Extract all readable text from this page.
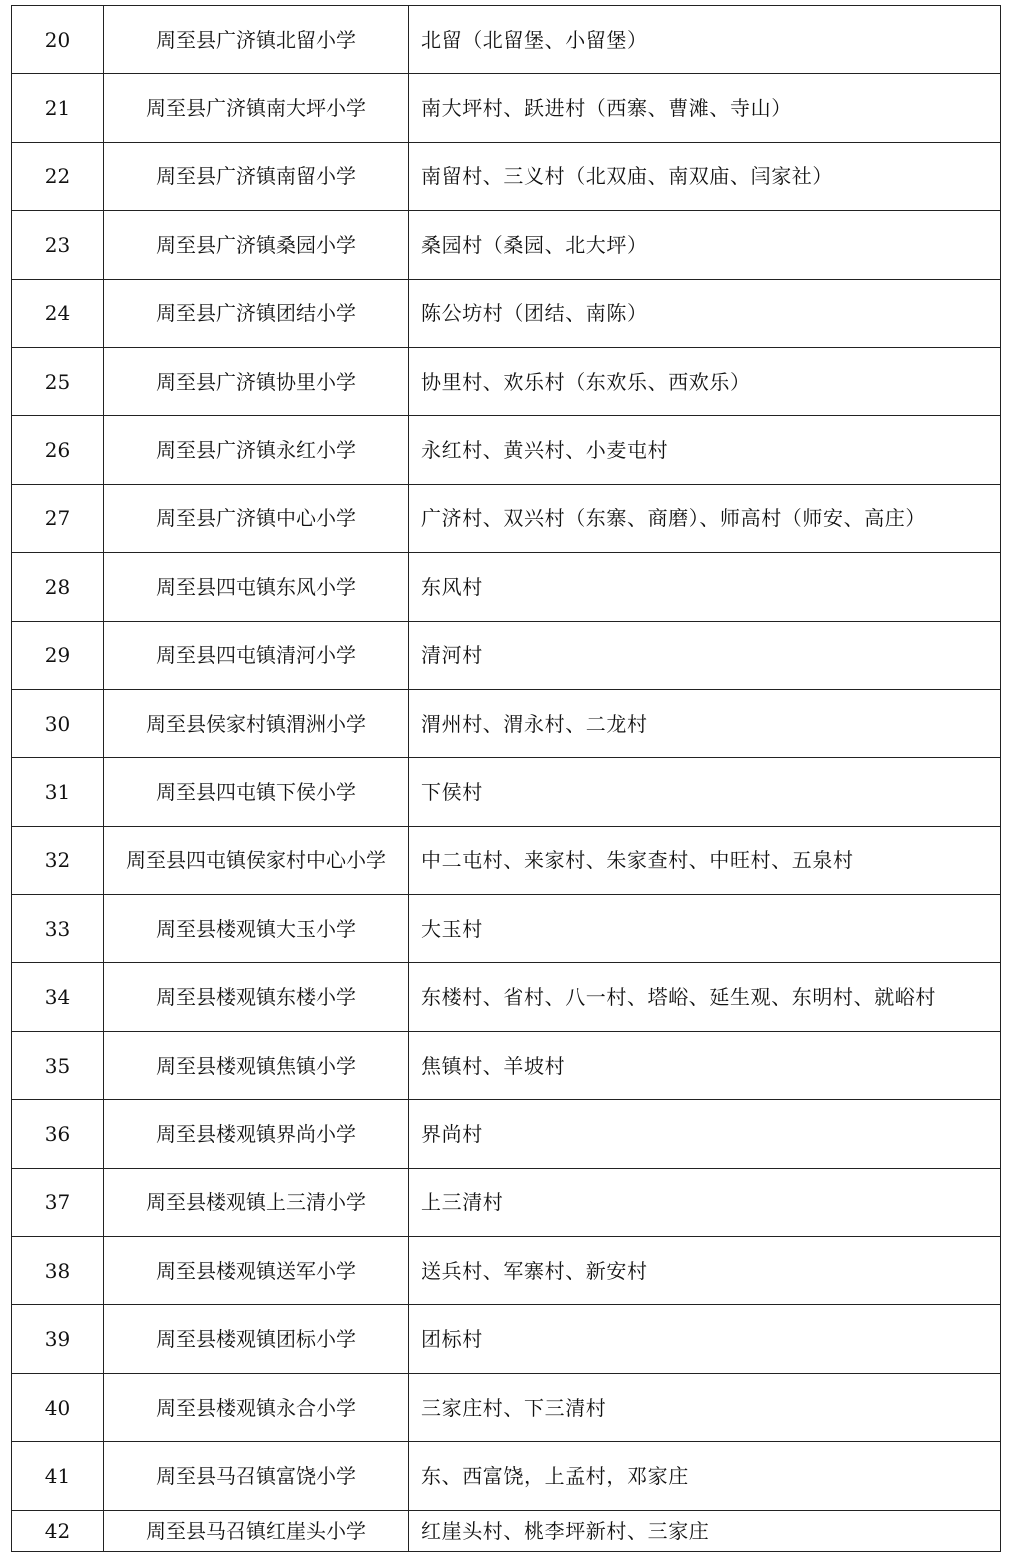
20	周至县广济镇北留小学	北留（北留堡、小留堡）
21	周至县广济镇南大坪小学	南大坪村、跃进村（西寨、曹滩、寺山）
22	周至县广济镇南留小学	南留村、三义村（北双庙、南双庙、闫家社）
23	周至县广济镇桑园小学	桑园村（桑园、北大坪）
24	周至县广济镇团结小学	陈公坊村（团结、南陈）
25	周至县广济镇协里小学	协里村、欢乐村（东欢乐、西欢乐）
26	周至县广济镇永红小学	永红村、黄兴村、小麦屯村
27	周至县广济镇中心小学	广济村、双兴村（东寨、商磨）、师高村（师安、高庄）
28	周至县四屯镇东风小学	东风村
29	周至县四屯镇清河小学	清河村
30	周至县侯家村镇渭洲小学	渭州村、渭永村、二龙村
31	周至县四屯镇下侯小学	下侯村
32	周至县四屯镇侯家村中心小学	中二屯村、来家村、朱家查村、中旺村、五泉村
33	周至县楼观镇大玉小学	大玉村
34	周至县楼观镇东楼小学	东楼村、省村、八一村、塔峪、延生观、东明村、就峪村
35	周至县楼观镇焦镇小学	焦镇村、羊坡村
36	周至县楼观镇界尚小学	界尚村
37	周至县楼观镇上三清小学	上三清村
38	周至县楼观镇送军小学	送兵村、军寨村、新安村
39	周至县楼观镇团标小学	团标村
40	周至县楼观镇永合小学	三家庄村、下三清村
41	周至县马召镇富饶小学	东、西富饶，上孟村，邓家庄
42	周至县马召镇红崖头小学	红崖头村、桃李坪新村、三家庄
